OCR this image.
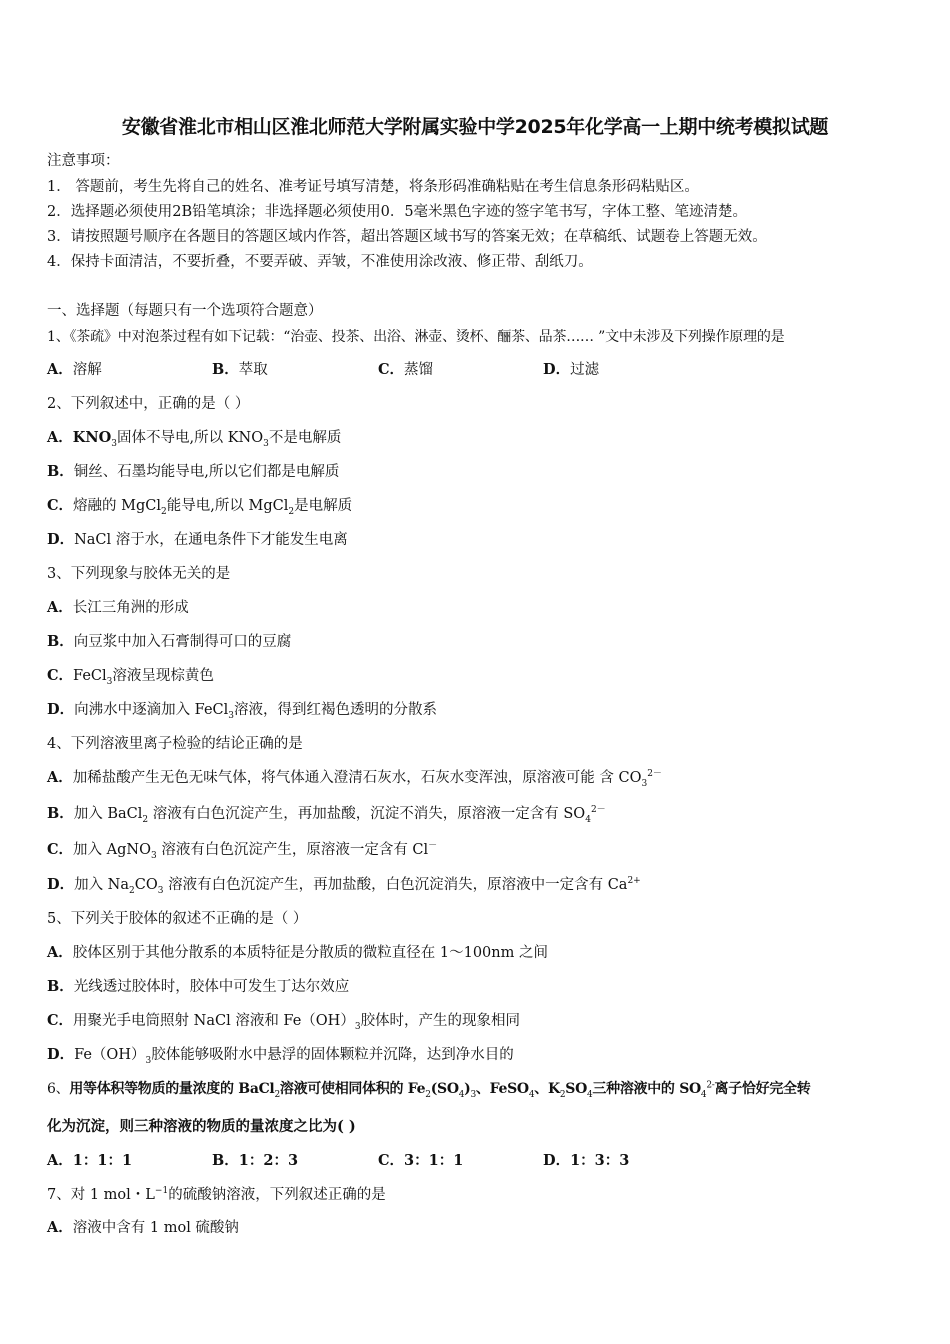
安徽省淮北市相山区淮北师范大学附属实验中学2025年化学高一上期中统考模拟试题
注意事项：
1． 答题前，考生先将自己的姓名、准考证号填写清楚，将条形码准确粘贴在考生信息条形码粘贴区。
2．选择题必须使用2B铅笔填涂；非选择题必须使用0．5毫米黑色字迹的签字笔书写，字体工整、笔迹清楚。
3．请按照题号顺序在各题目的答题区域内作答，超出答题区域书写的答案无效；在草稿纸、试题卷上答题无效。
4．保持卡面清洁，不要折叠，不要弄破、弄皱，不准使用涂改液、修正带、刮纸刀。
一、选择题（每题只有一个选项符合题意）
1、《茶疏》中对泡茶过程有如下记载：“治壶、投茶、出浴、淋壶、烫杯、酾茶、品茶…… ”文中未涉及下列操作原理的是
A．溶解	B．萃取	C．蒸馏	D．过滤
2、下列叙述中，正确的是（ ）
A．$KNO_3$固体不导电,所以 $KNO_3$不是电解质
B．铜丝、石墨均能导电,所以它们都是电解质
C．熔融的 MgCl$_2$能导电,所以 MgCl$_2$是电解质
D．NaCl 溶于水，在通电条件下才能发生电离
3、下列现象与胶体无关的是
A．长江三角洲的形成
B．向豆浆中加入石膏制得可口的豆腐
C．FeCl$_3$溶液呈现棕黄色
D．向沸水中逐滴加入 FeCl$_3$溶液，得到红褐色透明的分散系
4、下列溶液里离子检验的结论正确的是
A．加稀盐酸产生无色无味气体，将气体通入澄清石灰水，石灰水变浑浊，原溶液可能 含 $CO_3^{2-}$
B．加入 BaCl$_2$ 溶液有白色沉淀产生，再加盐酸，沉淀不消失，原溶液一定含有 $SO_4^{2-}$
C．加入 AgNO$_3$ 溶液有白色沉淀产生，原溶液一定含有 Cl－
D．加入 $Na_2CO_3$ 溶液有白色沉淀产生，再加盐酸，白色沉淀消失，原溶液中一定含有 $Ca^{2+}$
5、下列关于胶体的叙述不正确的是（ ）
A．胶体区别于其他分散系的本质特征是分散质的微粒直径在 1～100nm 之间
B．光线透过胶体时，胶体中可发生丁达尔效应
C．用聚光手电筒照射 NaCl 溶液和 $Fe(OH)_3$胶体时，产生的现象相同
D．$Fe(OH)_3$胶体能够吸附水中悬浮的固体颗粒并沉降，达到净水目的
6、用等体积等物质的量浓度的 BaCl$_2$溶液可使相同体积的 $Fe_2(SO_4)_3$、FeSO$_4$、$K_2SO_4$三种溶液中的 $SO_4^{2-}$离子恰好完全转
化为沉淀，则三种溶液的物质的量浓度之比为( )
A．1：1：1	B．1：2：3	C．3：1：1	D．1：3：3
7、对 1 mol・$L^{-1}$的硫酸钠溶液，下列叙述正确的是
A．溶液中含有 1 mol 硫酸钠
